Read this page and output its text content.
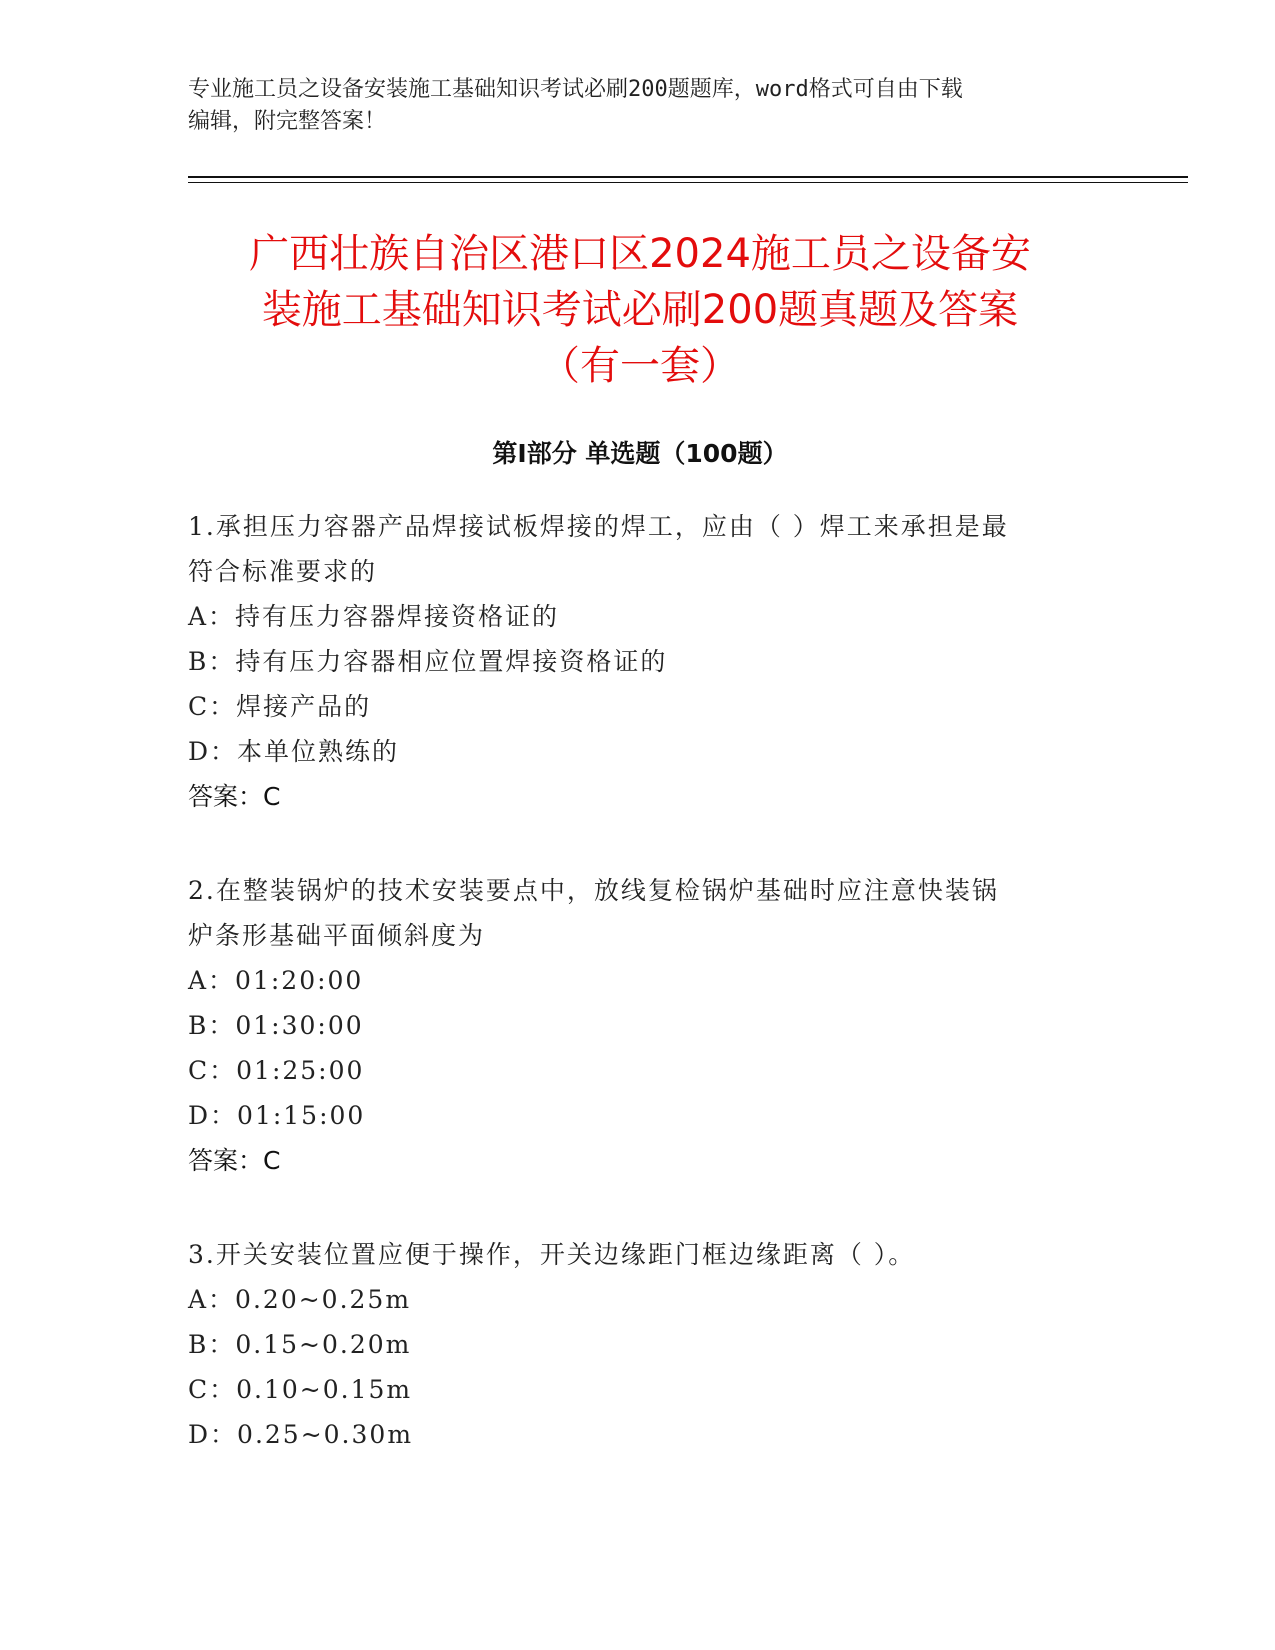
专业施工员之设备安装施工基础知识考试必刷200题题库，word格式可自由下载
编辑，附完整答案！
广西壮族自治区港口区2024施工员之设备安
装施工基础知识考试必刷200题真题及答案
（有一套）
第Ⅰ部分 单选题（100题）

1.承担压力容器产品焊接试板焊接的焊工，应由（ ）焊工来承担是最

符合标准要求的

A：持有压力容器焊接资格证的

B：持有压力容器相应位置焊接资格证的

C：焊接产品的

D：本单位熟练的

答案：C

2.在整装锅炉的技术安装要点中，放线复检锅炉基础时应注意快装锅

炉条形基础平面倾斜度为

A：01:20:00

B：01:30:00

C：01:25:00

D：01:15:00

答案：C

3.开关安装位置应便于操作，开关边缘距门框边缘距离（ ）。

A：0.20~0.25m

B：0.15~0.20m

C：0.10~0.15m

D：0.25~0.30m
